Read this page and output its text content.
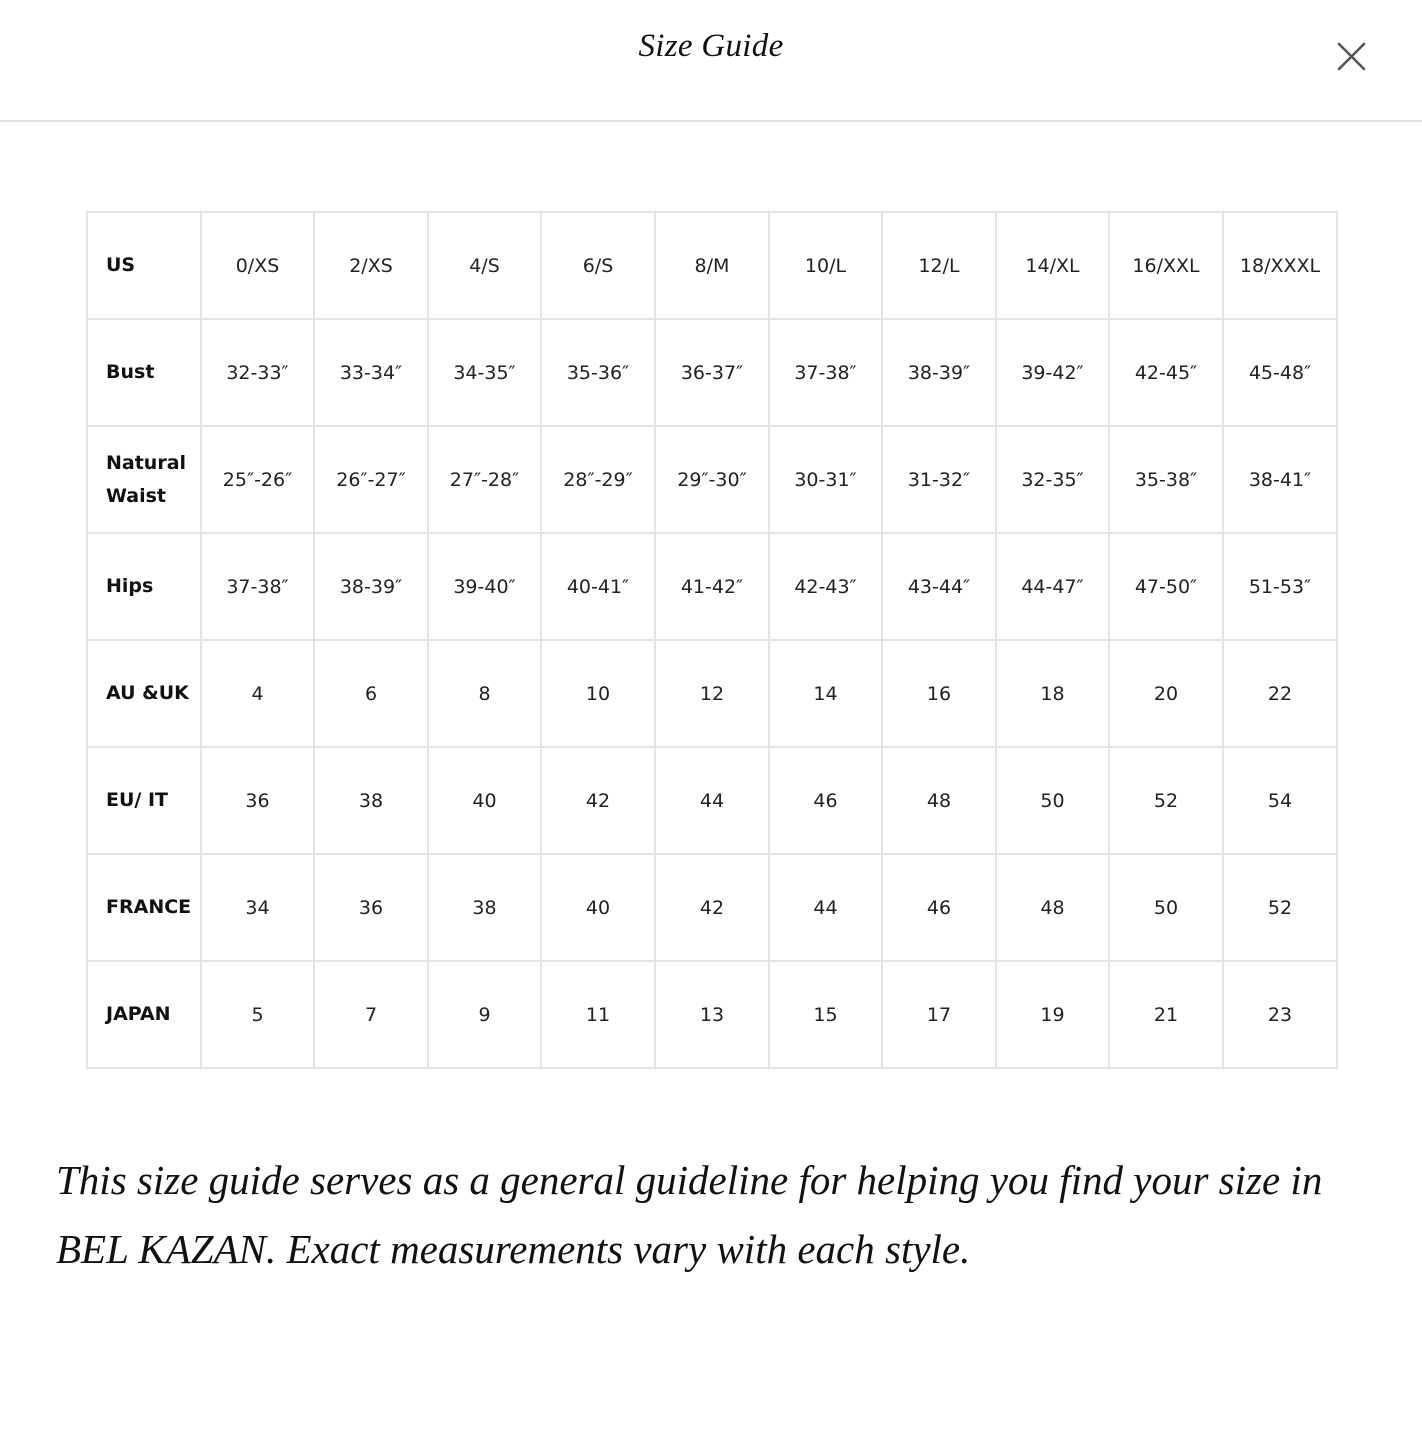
Size Guide
US	0/XS	2/XS	4/S	6/S	8/M	10/L	12/L	14/XL	16/XXL	18/XXXL
Bust	32-33″	33-34″	34-35″	35-36″	36-37″	37-38″	38-39″	39-42″	42-45″	45-48″
Natural Waist	25″-26″	26″-27″	27″-28″	28″-29″	29″-30″	30-31″	31-32″	32-35″	35-38″	38-41″
Hips	37-38″	38-39″	39-40″	40-41″	41-42″	42-43″	43-44″	44-47″	47-50″	51-53″
AU &UK	4	6	8	10	12	14	16	18	20	22
EU/ IT	36	38	40	42	44	46	48	50	52	54
FRANCE	34	36	38	40	42	44	46	48	50	52
JAPAN	5	7	9	11	13	15	17	19	21	23

This size guide serves as a general guideline for helping you find your size in BEL KAZAN. Exact measurements vary with each style.
